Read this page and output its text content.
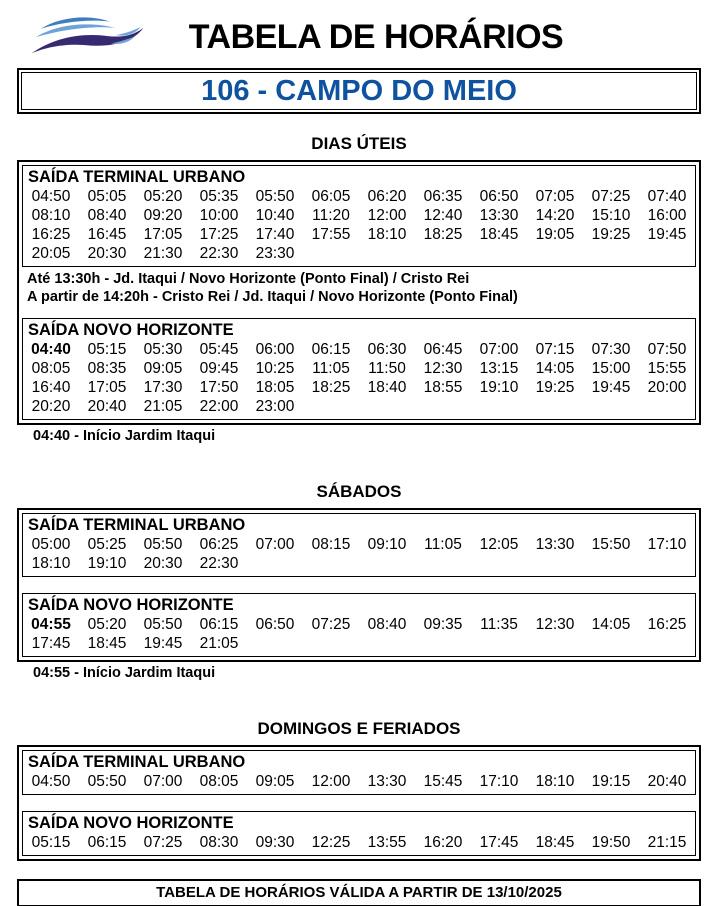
TABELA DE HORÁRIOS
106 - CAMPO DO MEIO
DIAS ÚTEIS
SAÍDA TERMINAL URBANO
04:50	05:05	05:20	05:35	05:50	06:05	06:20	06:35	06:50	07:05	07:25	07:40
08:10	08:40	09:20	10:00	10:40	11:20	12:00	12:40	13:30	14:20	15:10	16:00
16:25	16:45	17:05	17:25	17:40	17:55	18:10	18:25	18:45	19:05	19:25	19:45
20:05	20:30	21:30	22:30	23:30
Até 13:30h - Jd. Itaqui / Novo Horizonte (Ponto Final) / Cristo Rei
A partir de 14:20h - Cristo Rei / Jd. Itaqui / Novo Horizonte (Ponto Final)
SAÍDA NOVO HORIZONTE
04:40	05:15	05:30	05:45	06:00	06:15	06:30	06:45	07:00	07:15	07:30	07:50
08:05	08:35	09:05	09:45	10:25	11:05	11:50	12:30	13:15	14:05	15:00	15:55
16:40	17:05	17:30	17:50	18:05	18:25	18:40	18:55	19:10	19:25	19:45	20:00
20:20	20:40	21:05	22:00	23:00
04:40 - Início Jardim Itaqui
SÁBADOS
SAÍDA TERMINAL URBANO
05:00	05:25	05:50	06:25	07:00	08:15	09:10	11:05	12:05	13:30	15:50	17:10
18:10	19:10	20:30	22:30
SAÍDA NOVO HORIZONTE
04:55	05:20	05:50	06:15	06:50	07:25	08:40	09:35	11:35	12:30	14:05	16:25
17:45	18:45	19:45	21:05
04:55 - Início Jardim Itaqui
DOMINGOS E FERIADOS
SAÍDA TERMINAL URBANO
04:50	05:50	07:00	08:05	09:05	12:00	13:30	15:45	17:10	18:10	19:15	20:40
SAÍDA NOVO HORIZONTE
05:15	06:15	07:25	08:30	09:30	12:25	13:55	16:20	17:45	18:45	19:50	21:15
TABELA DE HORÁRIOS VÁLIDA A PARTIR DE 13/10/2025
